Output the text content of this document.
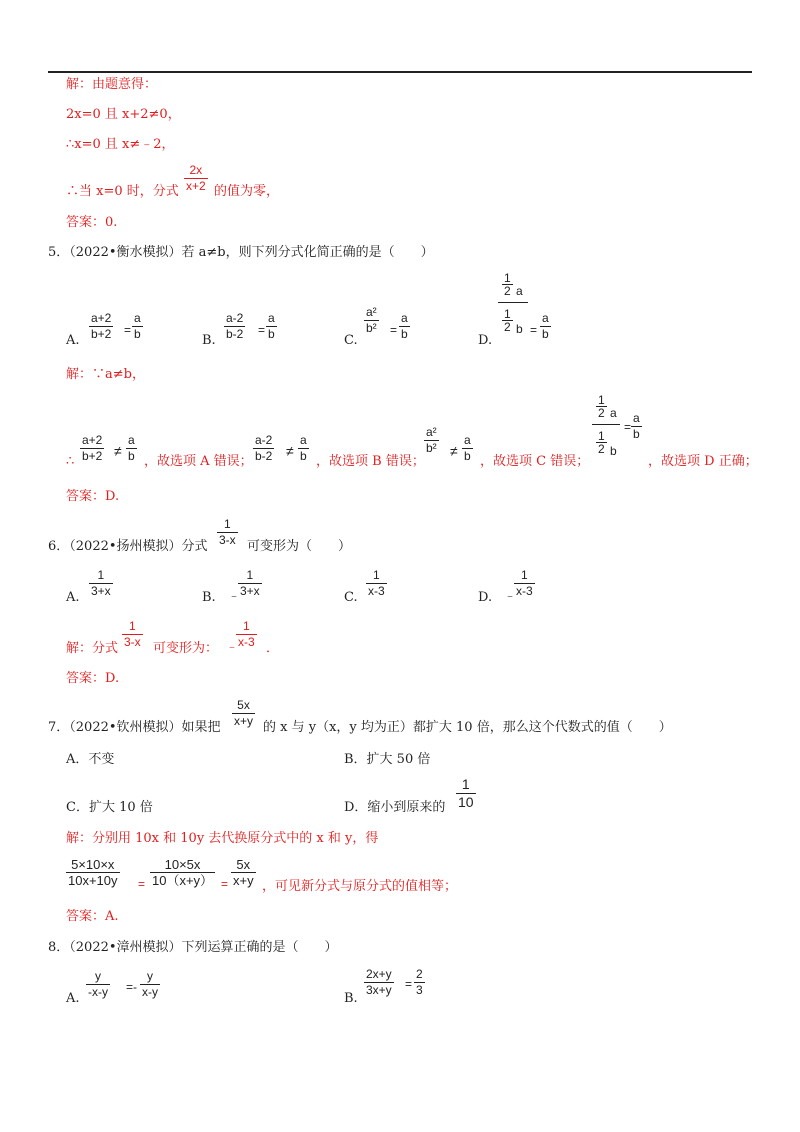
解：由题意得：
2x=0 且 x+2≠0，
∴x=0 且 x≠﹣2，
∴当 x=0 时，分式
2x
x+2 的值为零，
答案：0.
5．（2022•衡水模拟）若 a≠b，则下列分式化简正确的是（　　）
A.
a+2
b+2 =
a
b	B.
a-2
b-2 =
a
b	C.
a²
b² =
a
b	D.
1
2 a
1
2 b =
a
b
解：∵a≠b，
∴
a+2
b+2 ≠
a
b ，故选项 A 错误；
a-2
b-2 ≠
a
b ，故选项 B 错误；
a²
b² ≠
a
b ，故选项 C 错误；
1
2 a
1
2 b
=
a
b
，故选项 D 正确；
答案：D.
6．（2022•扬州模拟）分式
1
3-x 可变形为（　　）
A.
1
3+x	B. ﹣
1
3+x	C.
1
x-3	D. ﹣
1
x-3
解：分式
1
3-x 可变形为： ﹣
1
x-3 ．
答案：D.
7．（2022•钦州模拟）如果把
5x
x+y 的 x 与 y（x，y 均为正）都扩大 10 倍，那么这个代数式的值（　　）
A．不变	B．扩大 50 倍
C．扩大 10 倍	D．缩小到原来的
1
10
解：分别用 10x 和 10y 去代换原分式中的 x 和 y，得
5×10×x
10x+10y =
10×5x
10（x+y） =
5x
x+y ，可见新分式与原分式的值相等；
答案：A.
8．（2022•漳州模拟）下列运算正确的是（　　）
A.
y
-x-y =-
y
x-y	B.
2x+y
3x+y =
2
3
